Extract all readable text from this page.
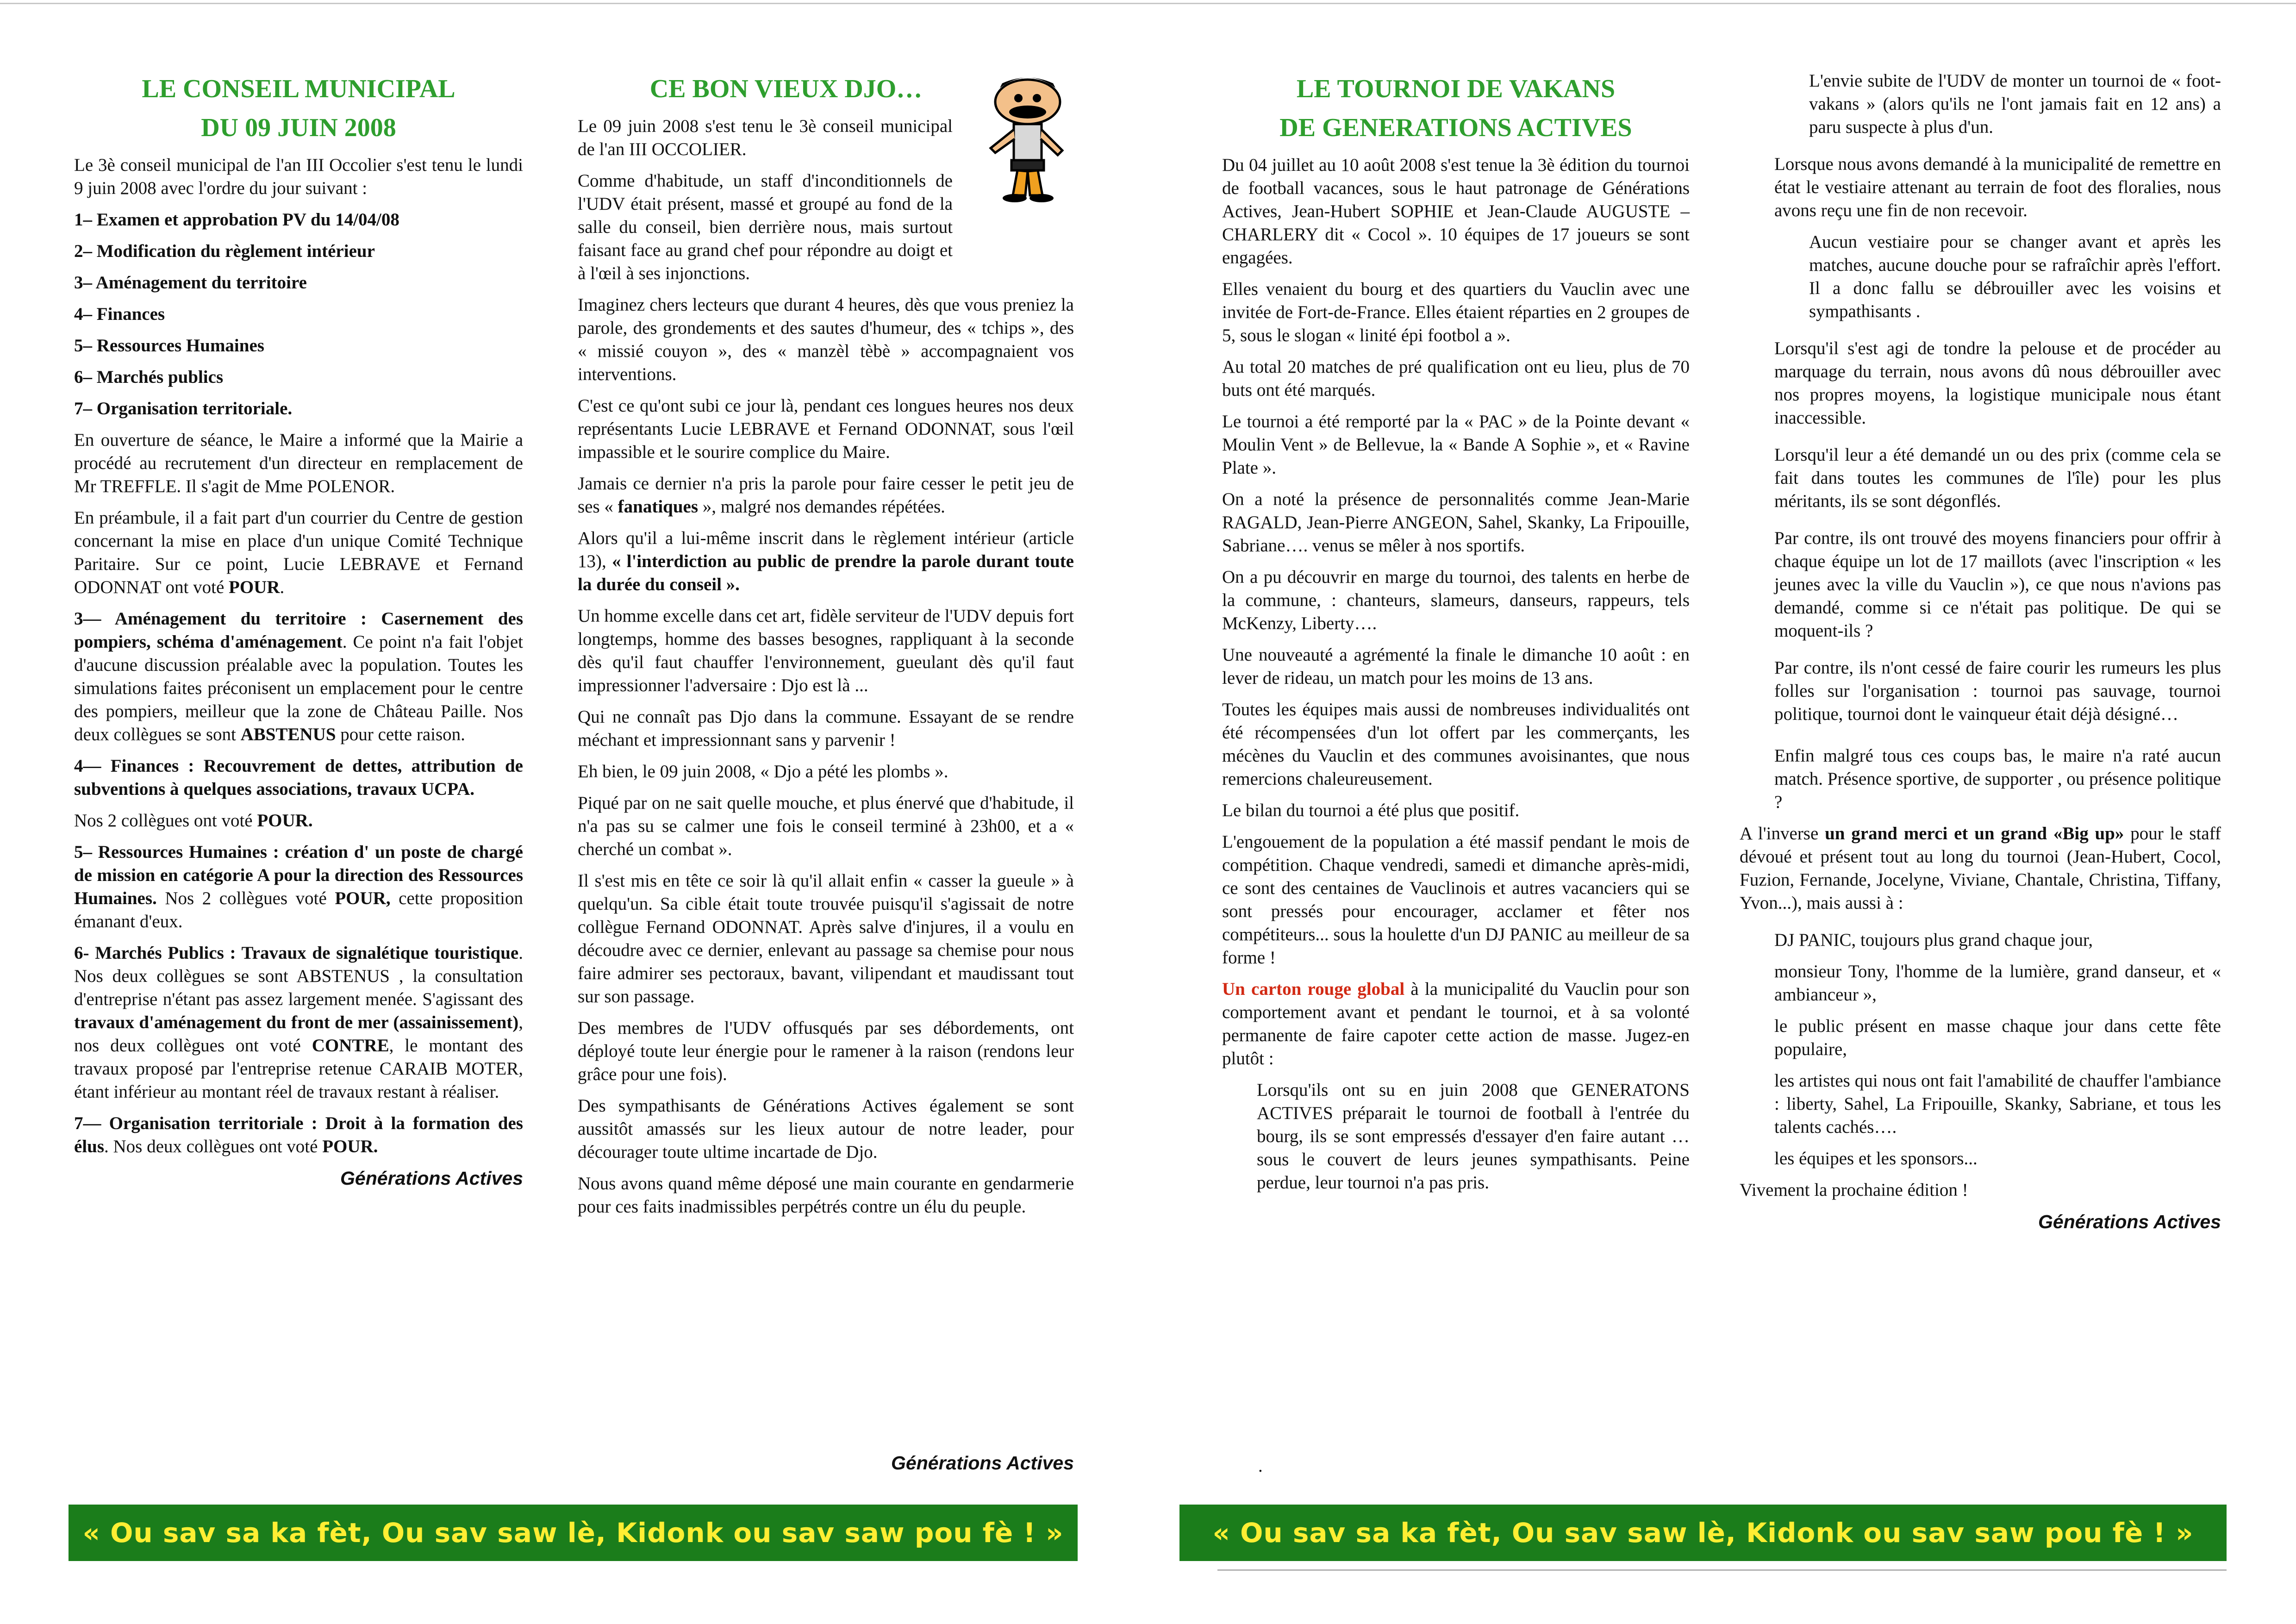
LE CONSEIL MUNICIPAL
DU 09 JUIN 2008

Le 3è conseil municipal de l'an III Occolier s'est tenu le lundi 9 juin 2008 avec l'ordre du jour suivant :

1– Examen et approbation PV du 14/04/08

2– Modification du règlement intérieur

3– Aménagement du territoire

4– Finances

5– Ressources Humaines

6– Marchés publics

7– Organisation territoriale.

En ouverture de séance, le Maire a informé que la Mairie a procédé au recrutement d'un directeur en remplacement de Mr TREFFLE. Il s'agit de Mme POLENOR.

En préambule, il a fait part d'un courrier du Centre de gestion concernant la mise en place d'un unique Comité Technique Paritaire. Sur ce point, Lucie LEBRAVE et Fernand ODONNAT ont voté POUR.

3— Aménagement du territoire : Casernement des pompiers, schéma d'aménagement. Ce point n'a fait l'objet d'aucune discussion préalable avec la population. Toutes les simulations faites préconisent un emplacement pour le centre des pompiers, meilleur que la zone de Château Paille. Nos deux collègues se sont ABSTENUS pour cette raison.

4— Finances : Recouvrement de dettes, attribution de subventions à quelques associations, travaux UCPA.

Nos 2 collègues ont voté POUR.

5– Ressources Humaines : création d' un poste de chargé de mission en catégorie A pour la direction des Ressources Humaines. Nos 2 collègues voté POUR, cette proposition émanant d'eux.

6- Marchés Publics : Travaux de signalétique touristique. Nos deux collègues se sont ABSTENUS , la consultation d'entreprise n'étant pas assez largement menée. S'agissant des travaux d'aménagement du front de mer (assainissement), nos deux collègues ont voté CONTRE, le montant des travaux proposé par l'entreprise retenue CARAIB MOTER, étant inférieur au montant réel de travaux restant à réaliser.

7— Organisation territoriale : Droit à la formation des élus. Nos deux collègues ont voté POUR.

Générations Actives

CE BON VIEUX DJO…

Le 09 juin 2008 s'est tenu le 3è conseil municipal de l'an III OCCOLIER.

Comme d'habitude, un staff d'inconditionnels de l'UDV était présent, massé et groupé au fond de la salle du conseil, bien derrière nous, mais surtout faisant face au grand chef pour répondre au doigt et à l'œil à ses injonctions.

Imaginez chers lecteurs que durant 4 heures, dès que vous preniez la parole, des grondements et des sautes d'humeur, des « tchips », des « missié couyon », des « manzèl tèbè » accompagnaient vos interventions.

C'est ce qu'ont subi ce jour là, pendant ces longues heures nos deux représentants Lucie LEBRAVE et Fernand ODONNAT, sous l'œil impassible et le sourire complice du Maire.

Jamais ce dernier n'a pris la parole pour faire cesser le petit jeu de ses « fanatiques », malgré nos demandes répétées.

Alors qu'il a lui-même inscrit dans le règlement intérieur (article 13), « l'interdiction au public de prendre la parole durant toute la durée du conseil ».

Un homme excelle dans cet art, fidèle serviteur de l'UDV depuis fort longtemps, homme des basses besognes, rappliquant à la seconde dès qu'il faut chauffer l'environnement, gueulant dès qu'il faut impressionner l'adversaire : Djo est là ...

Qui ne connaît pas Djo dans la commune. Essayant de se rendre méchant et impressionnant sans y parvenir !

Eh bien, le 09 juin 2008, « Djo a pété les plombs ».

Piqué par on ne sait quelle mouche, et plus énervé que d'habitude, il n'a pas su se calmer une fois le conseil terminé à 23h00, et a « cherché un combat ».

Il s'est mis en tête ce soir là qu'il allait enfin « casser la gueule » à quelqu'un. Sa cible était toute trouvée puisqu'il s'agissait de notre collègue Fernand ODONNAT. Après salve d'injures, il a voulu en découdre avec ce dernier, enlevant au passage sa chemise pour nous faire admirer ses pectoraux, bavant, vilipendant et maudissant tout sur son passage.

Des membres de l'UDV offusqués par ses débordements, ont déployé toute leur énergie pour le ramener à la raison (rendons leur grâce pour une fois).

Des sympathisants de Générations Actives également se sont aussitôt amassés sur les lieux autour de notre leader, pour décourager toute ultime incartade de Djo.

Nous avons quand même déposé une main courante en gendarmerie pour ces faits inadmissibles perpétrés contre un élu du peuple.

Générations Actives
« Ou sav sa ka fèt, Ou sav saw lè, Kidonk ou sav saw pou fè ! »
LE TOURNOI DE VAKANS
DE GENERATIONS ACTIVES

Du 04 juillet au 10 août 2008 s'est tenue la 3è édition du tournoi de football vacances, sous le haut patronage de Générations Actives, Jean-Hubert SOPHIE et Jean-Claude AUGUSTE –CHARLERY dit « Cocol ». 10 équipes de 17 joueurs se sont engagées.

Elles venaient du bourg et des quartiers du Vauclin avec une invitée de Fort-de-France. Elles étaient réparties en 2 groupes de 5, sous le slogan « linité épi footbol a ».

Au total 20 matches de pré qualification ont eu lieu, plus de 70 buts ont été marqués.

Le tournoi a été remporté par la « PAC » de la Pointe devant « Moulin Vent » de Bellevue, la « Bande A Sophie », et « Ravine Plate ».

On a noté la présence de personnalités comme Jean-Marie RAGALD, Jean-Pierre ANGEON, Sahel, Skanky, La Fripouille, Sabriane…. venus se mêler à nos sportifs.

On a pu découvrir en marge du tournoi, des talents en herbe de la commune, : chanteurs, slameurs, danseurs, rappeurs, tels McKenzy, Liberty….

Une nouveauté a agrémenté la finale le dimanche 10 août : en lever de rideau, un match pour les moins de 13 ans.

Toutes les équipes mais aussi de nombreuses individualités ont été récompensées d'un lot offert par les commerçants, les mécènes du Vauclin et des communes avoisinantes, que nous remercions chaleureusement.

Le bilan du tournoi a été plus que positif.

L'engouement de la population a été massif pendant le mois de compétition. Chaque vendredi, samedi et dimanche après-midi, ce sont des centaines de Vauclinois et autres vacanciers qui se sont pressés pour encourager, acclamer et fêter nos compétiteurs... sous la houlette d'un DJ PANIC au meilleur de sa forme !

Un carton rouge global à la municipalité du Vauclin pour son comportement avant et pendant le tournoi, et à sa volonté permanente de faire capoter cette action de masse. Jugez-en plutôt :

Lorsqu'ils ont su en juin 2008 que GENERATONS ACTIVES préparait le tournoi de football à l'entrée du bourg, ils se sont empressés d'essayer d'en faire autant …sous le couvert de leurs jeunes sympathisants. Peine perdue, leur tournoi n'a pas pris.

.

L'envie subite de l'UDV de monter un tournoi de « foot-vakans » (alors qu'ils ne l'ont jamais fait en 12 ans) a paru suspecte à plus d'un.

Lorsque nous avons demandé à la municipalité de remettre en état le vestiaire attenant au terrain de foot des floralies, nous avons reçu une fin de non recevoir.

Aucun vestiaire pour se changer avant et après les matches, aucune douche pour se rafraîchir après l'effort. Il a donc fallu se débrouiller avec les voisins et sympathisants .

Lorsqu'il s'est agi de tondre la pelouse et de procéder au marquage du terrain, nous avons dû nous débrouiller avec nos propres moyens, la logistique municipale nous étant inaccessible.

Lorsqu'il leur a été demandé un ou des prix (comme cela se fait dans toutes les communes de l'île) pour les plus méritants, ils se sont dégonflés.

Par contre, ils ont trouvé des moyens financiers pour offrir à chaque équipe un lot de 17 maillots (avec l'inscription « les jeunes avec la ville du Vauclin »), ce que nous n'avions pas demandé, comme si ce n'était pas politique. De qui se moquent-ils ?

Par contre, ils n'ont cessé de faire courir les rumeurs les plus folles sur l'organisation : tournoi pas sauvage, tournoi politique, tournoi dont le vainqueur était déjà désigné…

Enfin malgré tous ces coups bas, le maire n'a raté aucun match. Présence sportive, de supporter , ou présence politique ?

A l'inverse un grand merci et un grand «Big up» pour le staff dévoué et présent tout au long du tournoi (Jean-Hubert, Cocol, Fuzion, Fernande, Jocelyne, Viviane, Chantale, Christina, Tiffany, Yvon...), mais aussi à :

DJ PANIC, toujours plus grand chaque jour,

monsieur Tony, l'homme de la lumière, grand danseur, et « ambianceur »,

le public présent en masse chaque jour dans cette fête populaire,

les artistes qui nous ont fait l'amabilité de chauffer l'ambiance : liberty, Sahel, La Fripouille, Skanky, Sabriane, et tous les talents cachés….

les équipes et les sponsors...

Vivement la prochaine édition !

Générations Actives

« Ou sav sa ka fèt, Ou sav saw lè, Kidonk ou sav saw pou fè ! »
